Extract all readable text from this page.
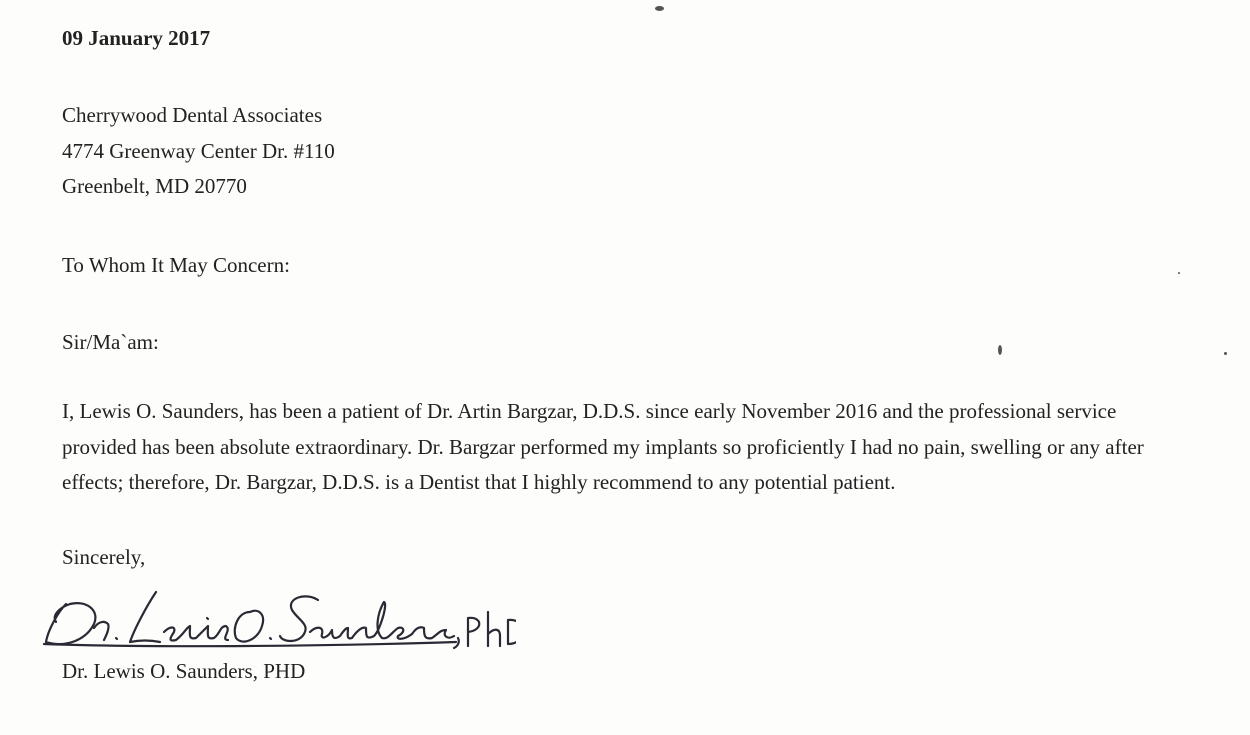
09 January 2017
Cherrywood Dental Associates
4774 Greenway Center Dr. #110
Greenbelt, MD 20770
To Whom It May Concern:
Sir/Ma`am:
I, Lewis O. Saunders, has been a patient of Dr. Artin Bargzar, D.D.S. since early November 2016 and the professional service provided has been absolute extraordinary. Dr. Bargzar performed my implants so proficiently I had no pain, swelling or any after effects; therefore, Dr. Bargzar, D.D.S. is a Dentist that I highly recommend to any potential patient.
Sincerely,
Dr. Lewis O. Saunders, PhD Dr. Lewis O. Saunders, PHD
